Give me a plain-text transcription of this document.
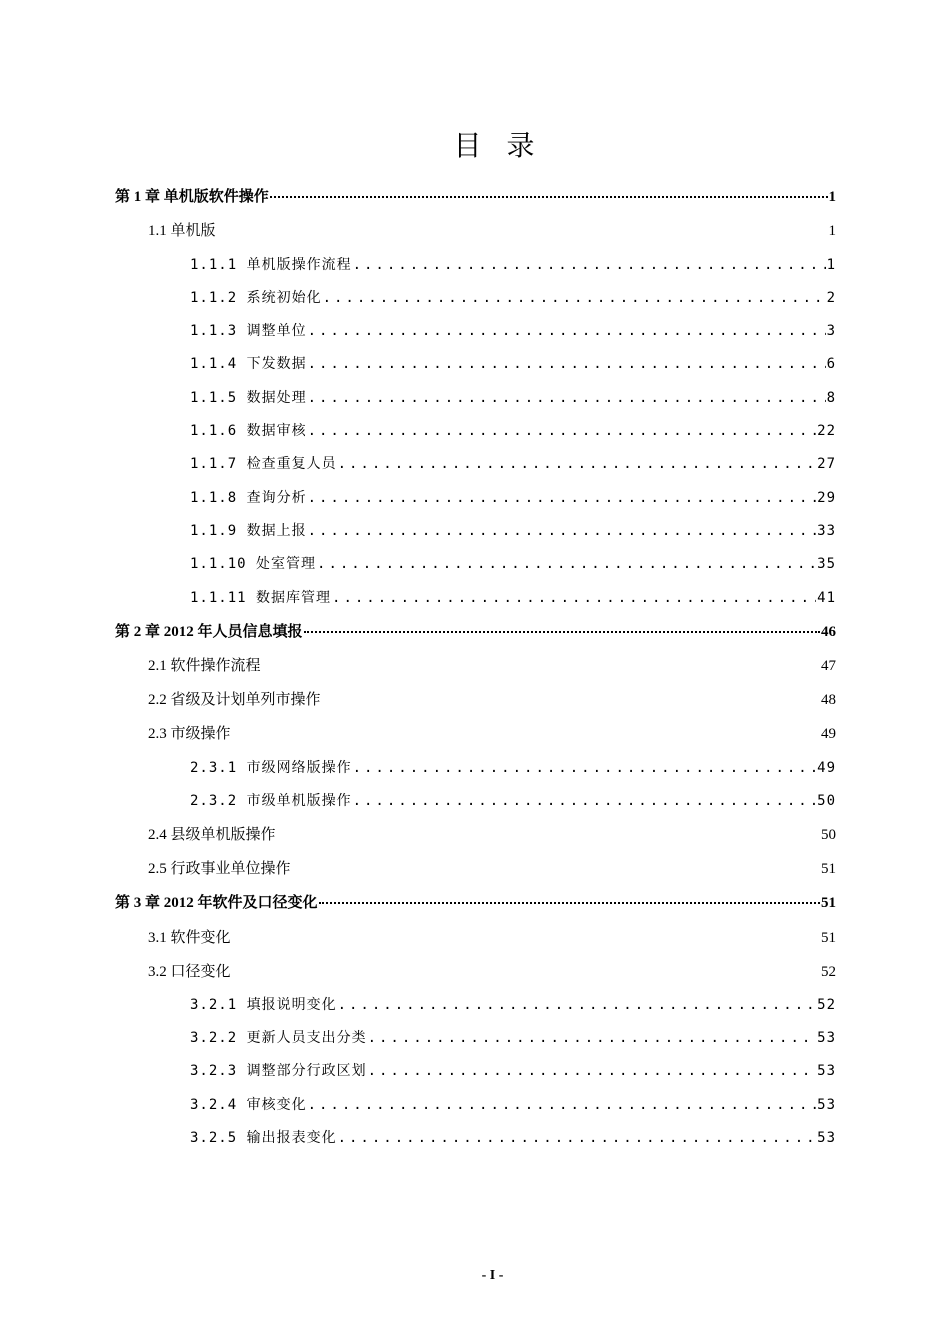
目 录
第 1 章 单机版软件操作	1
1.1 单机版	1
1.1.1 单机版操作流程 .....	1
1.1.2 系统初始化 .....	2
1.1.3 调整单位 .....	3
1.1.4 下发数据 .....	6
1.1.5 数据处理 .....	8
1.1.6 数据审核 .....	22
1.1.7 检查重复人员 .....	27
1.1.8 查询分析 .....	29
1.1.9 数据上报 .....	33
1.1.10 处室管理 .....	35
1.1.11 数据库管理 .....	41
第 2 章 2012 年人员信息填报	46
2.1 软件操作流程	47
2.2 省级及计划单列市操作	48
2.3 市级操作	49
2.3.1 市级网络版操作 .....	49
2.3.2 市级单机版操作 .....	50
2.4 县级单机版操作	50
2.5 行政事业单位操作	51
第 3 章 2012 年软件及口径变化	51
3.1 软件变化	51
3.2 口径变化	52
3.2.1 填报说明变化 .....	52
3.2.2 更新人员支出分类 .....	53
3.2.3 调整部分行政区划 .....	53
3.2.4 审核变化 .....	53
3.2.5 输出报表变化 .....	53
- I -
